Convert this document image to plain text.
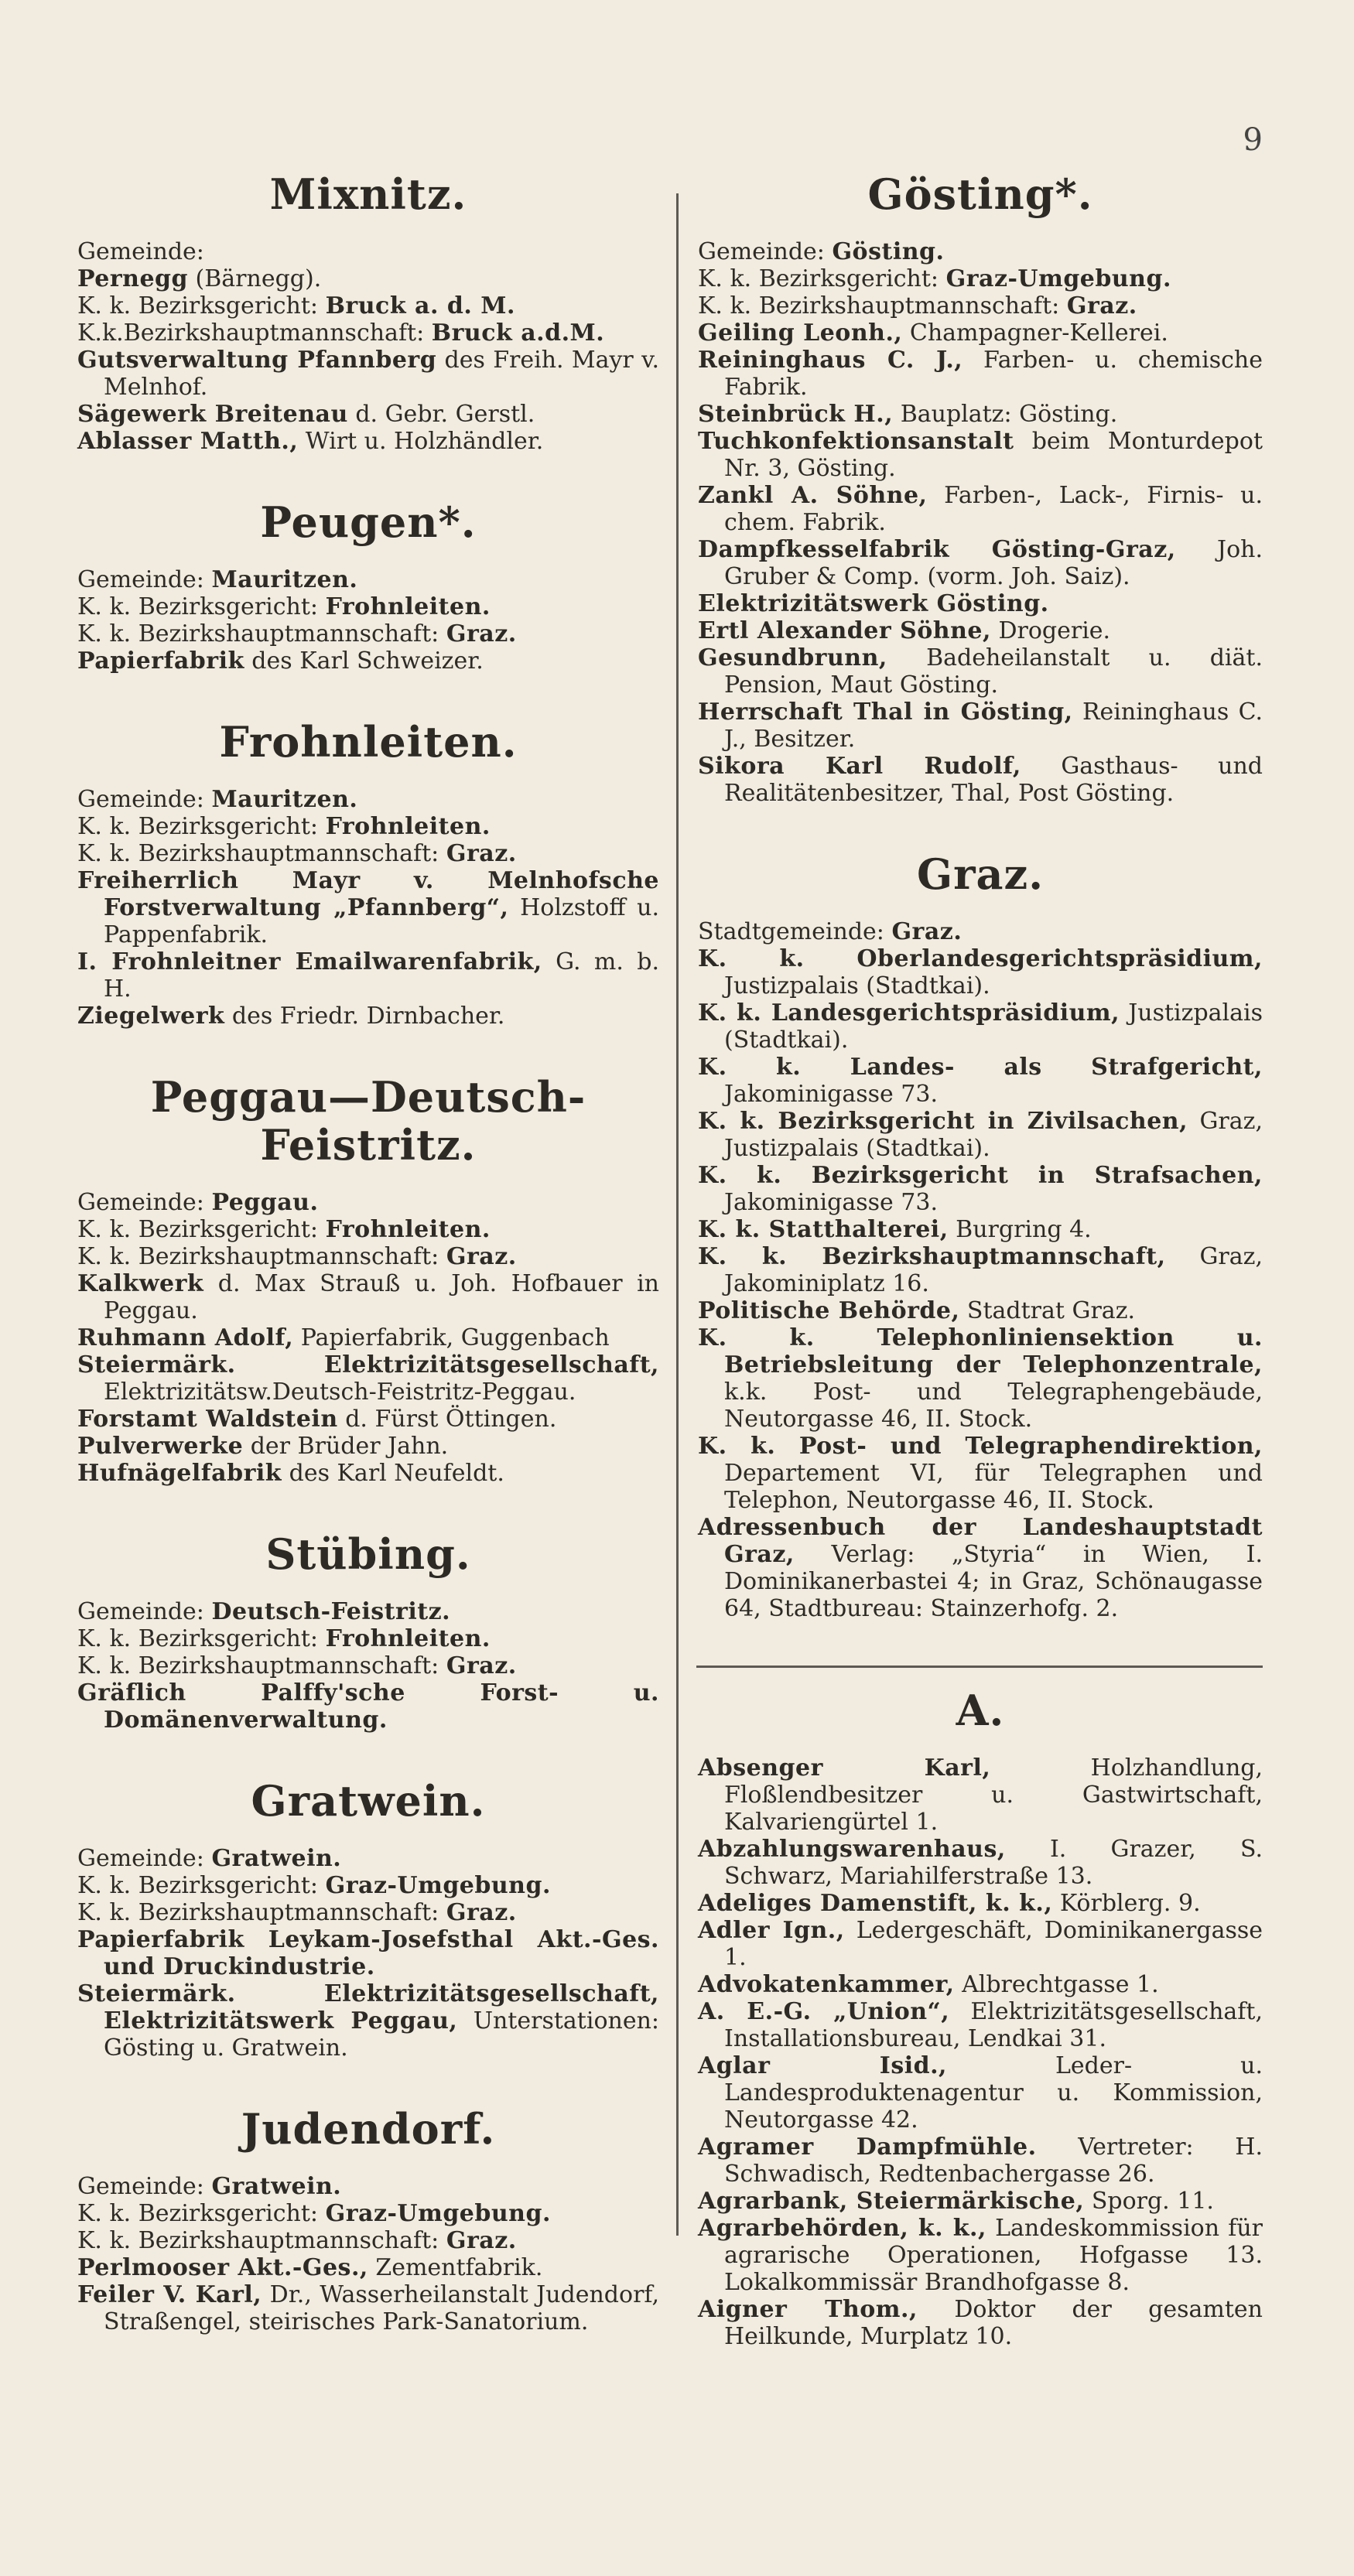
9
Mixnitz.

Gemeinde:

Pernegg (Bärnegg).

K. k. Bezirksgericht: Bruck a. d. M.

K.k.Bezirkshauptmannschaft: Bruck a.d.M.

Gutsverwaltung Pfannberg des Freih. Mayr v. Melnhof.

Sägewerk Breitenau d. Gebr. Gerstl.

Ablasser Matth., Wirt u. Holzhändler.

Peugen*.

Gemeinde: Mauritzen.

K. k. Bezirksgericht: Frohnleiten.

K. k. Bezirkshauptmannschaft: Graz.

Papierfabrik des Karl Schweizer.

Frohnleiten.

Gemeinde: Mauritzen.

K. k. Bezirksgericht: Frohnleiten.

K. k. Bezirkshauptmannschaft: Graz.

Freiherrlich Mayr v. Melnhofsche Forstverwaltung „Pfannberg“, Holzstoff u. Pappenfabrik.

I. Frohnleitner Emailwarenfabrik, G. m. b. H.

Ziegelwerk des Friedr. Dirnbacher.

Peggau—Deutsch-Feistritz.

Gemeinde: Peggau.

K. k. Bezirksgericht: Frohnleiten.

K. k. Bezirkshauptmannschaft: Graz.

Kalkwerk d. Max Strauß u. Joh. Hofbauer in Peggau.

Ruhmann Adolf, Papierfabrik, Guggenbach

Steiermärk. Elektrizitätsgesellschaft, Elektrizitätsw.Deutsch-Feistritz-Peggau.

Forstamt Waldstein d. Fürst Öttingen.

Pulverwerke der Brüder Jahn.

Hufnägelfabrik des Karl Neufeldt.

Stübing.

Gemeinde: Deutsch-Feistritz.

K. k. Bezirksgericht: Frohnleiten.

K. k. Bezirkshauptmannschaft: Graz.

Gräflich Palffy'sche Forst- u. Domänenverwaltung.

Gratwein.

Gemeinde: Gratwein.

K. k. Bezirksgericht: Graz-Umgebung.

K. k. Bezirkshauptmannschaft: Graz.

Papierfabrik Leykam-Josefsthal Akt.-Ges. und Druckindustrie.

Steiermärk. Elektrizitätsgesellschaft, Elektrizitätswerk Peggau, Unterstationen: Gösting u. Gratwein.

Judendorf.

Gemeinde: Gratwein.

K. k. Bezirksgericht: Graz-Umgebung.

K. k. Bezirkshauptmannschaft: Graz.

Perlmooser Akt.-Ges., Zementfabrik.

Feiler V. Karl, Dr., Wasserheilanstalt Judendorf, Straßengel, steirisches Park-Sanatorium.

Gösting*.

Gemeinde: Gösting.

K. k. Bezirksgericht: Graz-Umgebung.

K. k. Bezirkshauptmannschaft: Graz.

Geiling Leonh., Champagner-Kellerei.

Reininghaus C. J., Farben- u. chemische Fabrik.

Steinbrück H., Bauplatz: Gösting.

Tuchkonfektionsanstalt beim Monturdepot Nr. 3, Gösting.

Zankl A. Söhne, Farben-, Lack-, Firnis- u. chem. Fabrik.

Dampfkesselfabrik Gösting-Graz, Joh. Gruber & Comp. (vorm. Joh. Saiz).

Elektrizitätswerk Gösting.

Ertl Alexander Söhne, Drogerie.

Gesundbrunn, Badeheilanstalt u. diät. Pension, Maut Gösting.

Herrschaft Thal in Gösting, Reininghaus C. J., Besitzer.

Sikora Karl Rudolf, Gasthaus- und Realitätenbesitzer, Thal, Post Gösting.

Graz.

Stadtgemeinde: Graz.

K. k. Oberlandesgerichtspräsidium, Justizpalais (Stadtkai).

K. k. Landesgerichtspräsidium, Justizpalais (Stadtkai).

K. k. Landes- als Strafgericht, Jakominigasse 73.

K. k. Bezirksgericht in Zivilsachen, Graz, Justizpalais (Stadtkai).

K. k. Bezirksgericht in Strafsachen, Jakominigasse 73.

K. k. Statthalterei, Burgring 4.

K. k. Bezirkshauptmannschaft, Graz, Jakominiplatz 16.

Politische Behörde, Stadtrat Graz.

K. k. Telephonliniensektion u. Betriebsleitung der Telephonzentrale, k.k. Post- und Telegraphengebäude, Neutorgasse 46, II. Stock.

K. k. Post- und Telegraphendirektion, Departement VI, für Telegraphen und Telephon, Neutorgasse 46, II. Stock.

Adressenbuch der Landeshauptstadt Graz, Verlag: „Styria“ in Wien, I. Dominikanerbastei 4; in Graz, Schönaugasse 64, Stadtbureau: Stainzerhofg. 2.

A.

Absenger Karl, Holzhandlung, Floßlendbesitzer u. Gastwirtschaft, Kalvariengürtel 1.

Abzahlungswarenhaus, I. Grazer, S. Schwarz, Mariahilferstraße 13.

Adeliges Damenstift, k. k., Körblerg. 9.

Adler Ign., Ledergeschäft, Dominikanergasse 1.

Advokatenkammer, Albrechtgasse 1.

A. E.-G. „Union“, Elektrizitätsgesellschaft, Installationsbureau, Lendkai 31.

Aglar Isid., Leder- u. Landesproduktenagentur u. Kommission, Neutorgasse 42.

Agramer Dampfmühle. Vertreter: H. Schwadisch, Redtenbachergasse 26.

Agrarbank, Steiermärkische, Sporg. 11.

Agrarbehörden, k. k., Landeskommission für agrarische Operationen, Hofgasse 13. Lokalkommissär Brandhofgasse 8.

Aigner Thom., Doktor der gesamten Heilkunde, Murplatz 10.
